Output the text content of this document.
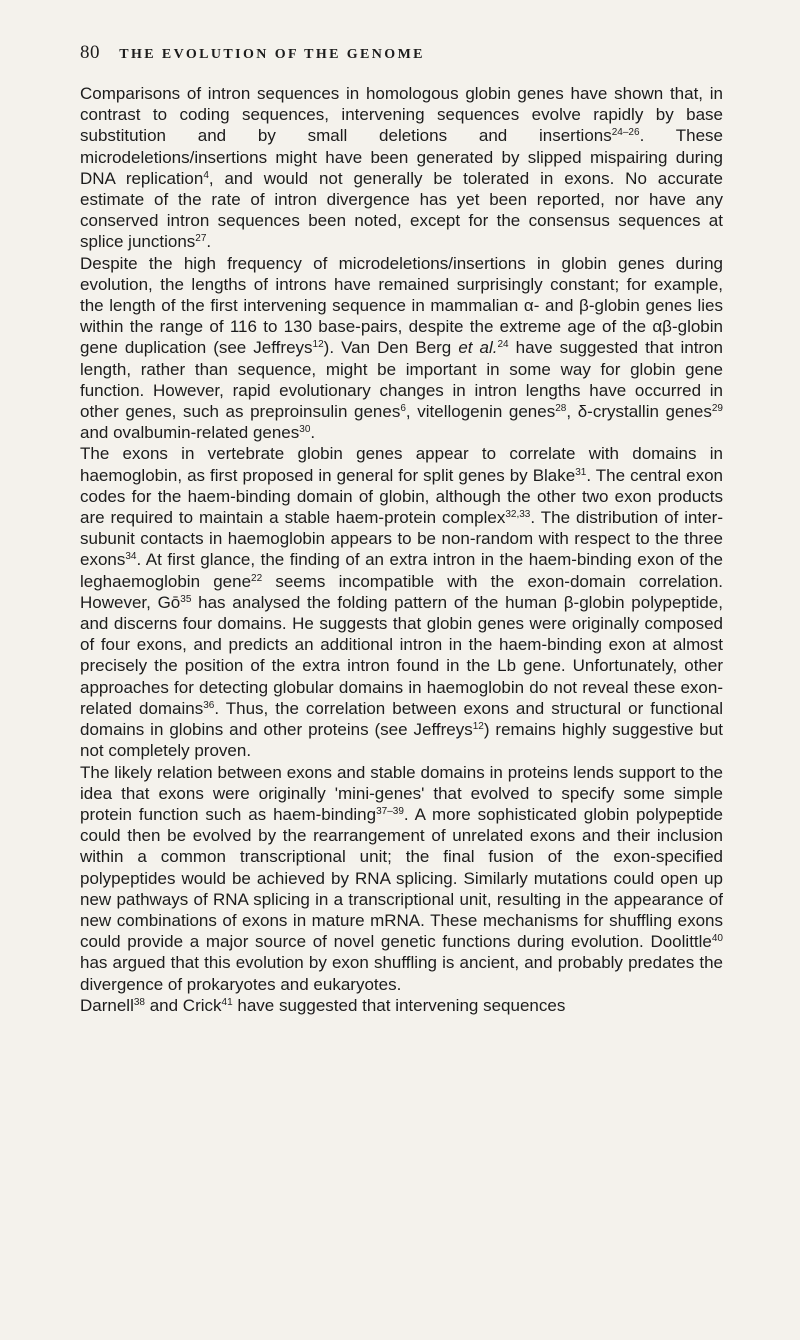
80 THE EVOLUTION OF THE GENOME

Comparisons of intron sequences in homologous globin genes have shown that, in contrast to coding sequences, intervening sequences evolve rapidly by base substitution and by small deletions and insertions$^{24-26}$. These microdeletions/insertions might have been generated by slipped mispairing during DNA replication$^4$, and would not generally be tolerated in exons. No accurate estimate of the rate of intron divergence has yet been reported, nor have any conserved intron sequences been noted, except for the consensus sequences at splice junctions$^{27}$.

Despite the high frequency of microdeletions/insertions in globin genes during evolution, the lengths of introns have remained surprisingly constant; for example, the length of the first intervening sequence in mammalian α- and β-globin genes lies within the range of 116 to 130 base-pairs, despite the extreme age of the αβ-globin gene duplication (see Jeffreys$^{12}$). Van Den Berg et al.$^{24}$ have suggested that intron length, rather than sequence, might be important in some way for globin gene function. However, rapid evolutionary changes in intron lengths have occurred in other genes, such as preproinsulin genes$^6$, vitellogenin genes$^{28}$, δ-crystallin genes$^{29}$ and ovalbumin-related genes$^{30}$.

The exons in vertebrate globin genes appear to correlate with domains in haemoglobin, as first proposed in general for split genes by Blake$^{31}$. The central exon codes for the haem-binding domain of globin, although the other two exon products are required to maintain a stable haem-protein complex$^{32,33}$. The distribution of inter-subunit contacts in haemoglobin appears to be non-random with respect to the three exons$^{34}$. At first glance, the finding of an extra intron in the haem-binding exon of the leghaemoglobin gene$^{22}$ seems incompatible with the exon-domain correlation. However, $Gō^{35}$ has analysed the folding pattern of the human β-globin polypeptide, and discerns four domains. He suggests that globin genes were originally composed of four exons, and predicts an additional intron in the haem-binding exon at almost precisely the position of the extra intron found in the Lb gene. Unfortunately, other approaches for detecting globular domains in haemoglobin do not reveal these exon-related domains$^{36}$. Thus, the correlation between exons and structural or functional domains in globins and other proteins (see Jeffreys$^{12}$) remains highly suggestive but not completely proven.

The likely relation between exons and stable domains in proteins lends support to the idea that exons were originally 'mini-genes' that evolved to specify some simple protein function such as haem-binding$^{37-39}$. A more sophisticated globin polypeptide could then be evolved by the rearrangement of unrelated exons and their inclusion within a common transcriptional unit; the final fusion of the exon-specified polypeptides would be achieved by RNA splicing. Similarly mutations could open up new pathways of RNA splicing in a transcriptional unit, resulting in the appearance of new combinations of exons in mature mRNA. These mechanisms for shuffling exons could provide a major source of novel genetic functions during evolution. Doolittle$^{40}$ has argued that this evolution by exon shuffling is ancient, and probably predates the divergence of prokaryotes and eukaryotes.

Darnell$^{38}$ and Crick$^{41}$ have suggested that intervening sequences
